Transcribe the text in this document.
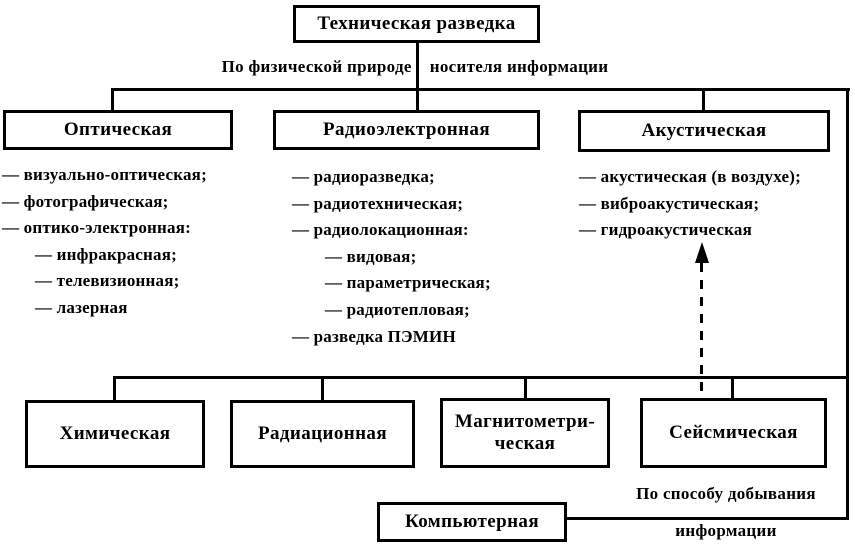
Техническая разведка
По физической природе носителя информации
Оптическая	Радиоэлектронная	Акустическая
— визуально-оптическая;
— фотографическая;
— оптико-электронная:
— инфракрасная;
— телевизионная;
— лазерная
— радиоразведка;
— радиотехническая;
— радиолокационная:
— видовая;
— параметрическая;
— радиотепловая;
— разведка ПЭМИН
— акустическая (в воздухе);
— виброакустическая;
— гидроакустическая
Химическая	Радиационная
Магнитометри-ческая
Сейсмическая
Компьютерная
По способу добывания
информации
